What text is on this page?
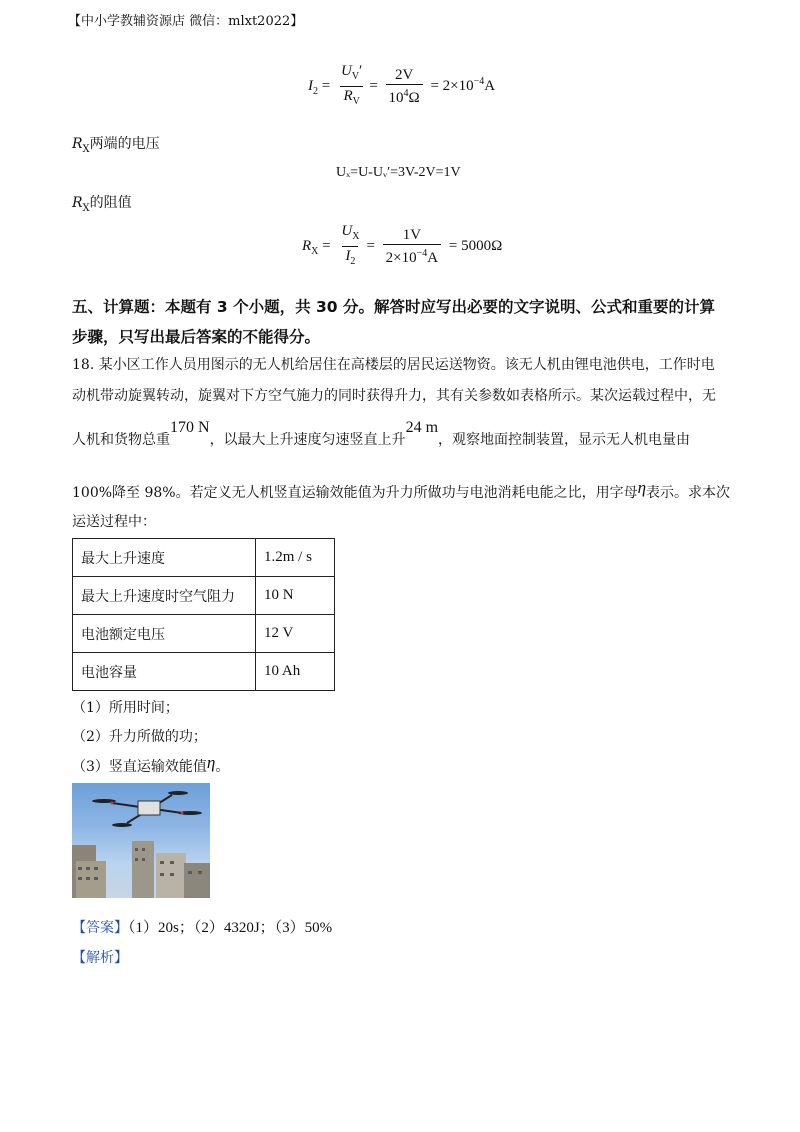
【中小学教辅资源店 微信：mlxt2022】
$I_2 = \frac{U_V'}{R_V} = \frac{2V}{10^4\Omega} = 2\times 10^{-4}A$
$R_X$两端的电压
Uₓ=U-Uᵥ′=3V-2V=1V
$R_X$的阻值
$R_X = \frac{U_X}{I_2} = \frac{1V}{2\times 10^{-4}A} = 5000\Omega$
五、计算题：本题有 3 个小题，共 30 分。解答时应写出必要的文字说明、公式和重要的计算
步骤，只写出最后答案的不能得分。
18. 某小区工作人员用图示的无人机给居住在高楼层的居民运送物资。该无人机由锂电池供电，工作时电
动机带动旋翼转动，旋翼对下方空气施力的同时获得升力，其有关参数如表格所示。某次运载过程中，无
人机和货物总重170 N，以最大上升速度匀速竖直上升24 m，观察地面控制装置，显示无人机电量由
100%降至 98%。若定义无人机竖直运输效能值为升力所做功与电池消耗电能之比，用字母η表示。求本次
运送过程中：
最大上升速度	1.2m / s
最大上升速度时空气阻力	10 N
电池额定电压	12 V
电池容量	10 Ah
（1）所用时间；
（2）升力所做的功；
（3）竖直运输效能值η。
【答案】（1）20s；（2）4320J；（3）50%
【解析】
